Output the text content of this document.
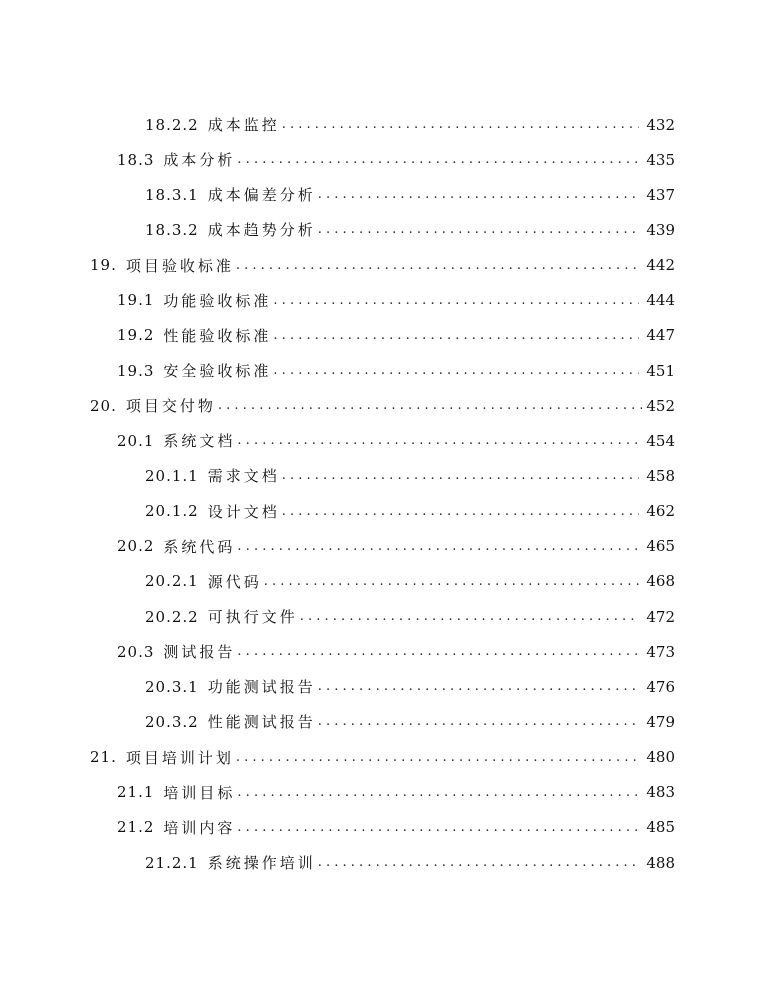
18.2.2 成本监控 . . .	432
18.3 成本分析 . . .	435
18.3.1 成本偏差分析 . . .	437
18.3.2 成本趋势分析 . . .	439
19. 项目验收标准 . . .	442
19.1 功能验收标准 . . .	444
19.2 性能验收标准 . . .	447
19.3 安全验收标准 . . .	451
20. 项目交付物 . . .	452
20.1 系统文档 . . .	454
20.1.1 需求文档 . . .	458
20.1.2 设计文档 . . .	462
20.2 系统代码 . . .	465
20.2.1 源代码 . . .	468
20.2.2 可执行文件 . . .	472
20.3 测试报告 . . .	473
20.3.1 功能测试报告 . . .	476
20.3.2 性能测试报告 . . .	479
21. 项目培训计划 . . .	480
21.1 培训目标 . . .	483
21.2 培训内容 . . .	485
21.2.1 系统操作培训 . . .	488
